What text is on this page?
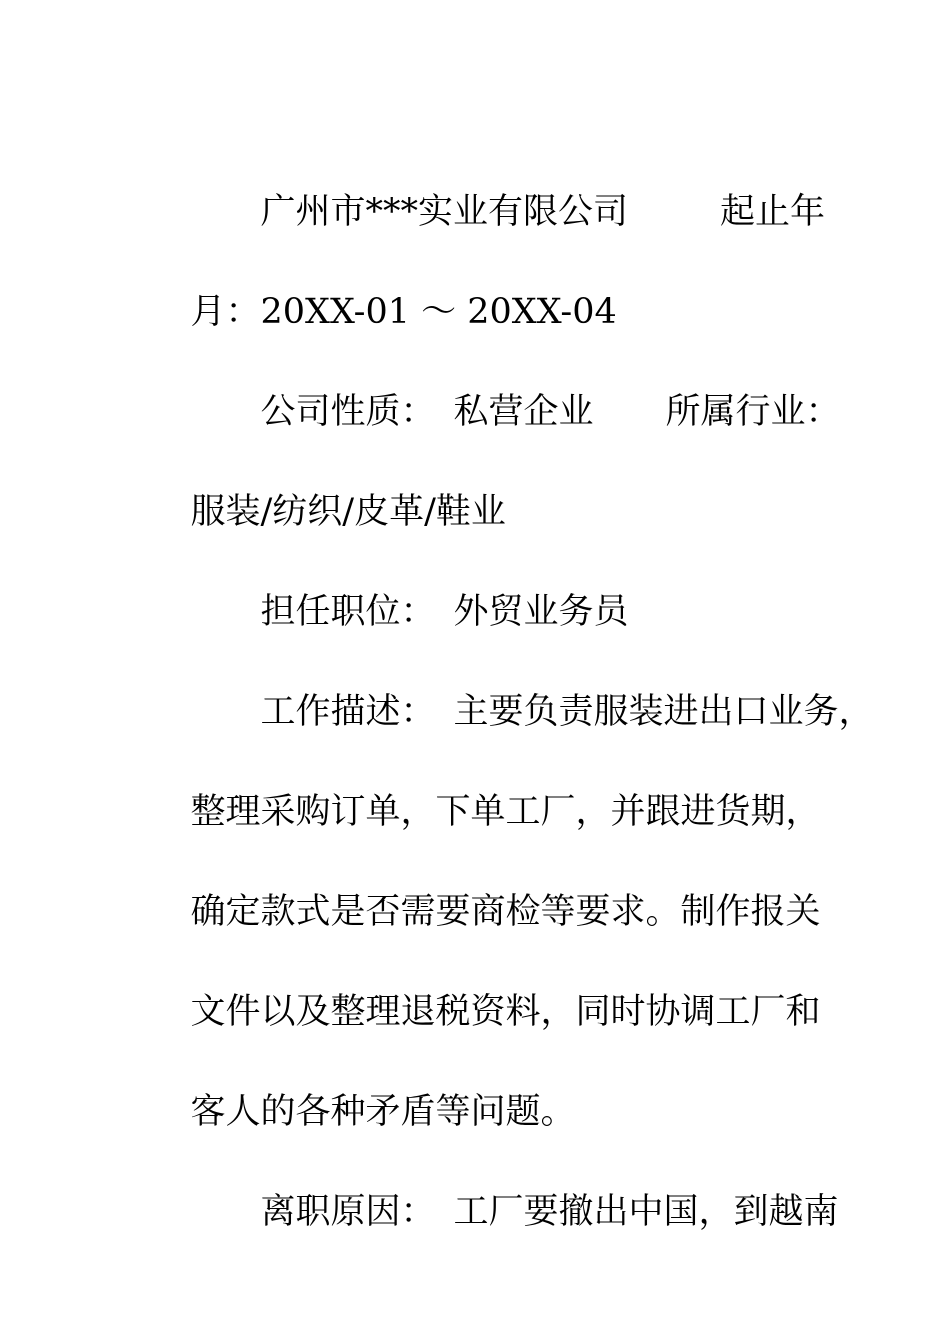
广州市***实业有限公司	起止年

月：20XX-01 ～ 20XX-04

公司性质： 私营企业 所属行业：

服装/纺织/皮革/鞋业

担任职位： 外贸业务员

工作描述： 主要负责服装进出口业务，

整理采购订单，下单工厂，并跟进货期，

确定款式是否需要商检等要求。制作报关

文件以及整理退税资料，同时协调工厂和

客人的各种矛盾等问题。

离职原因： 工厂要撤出中国，到越南
